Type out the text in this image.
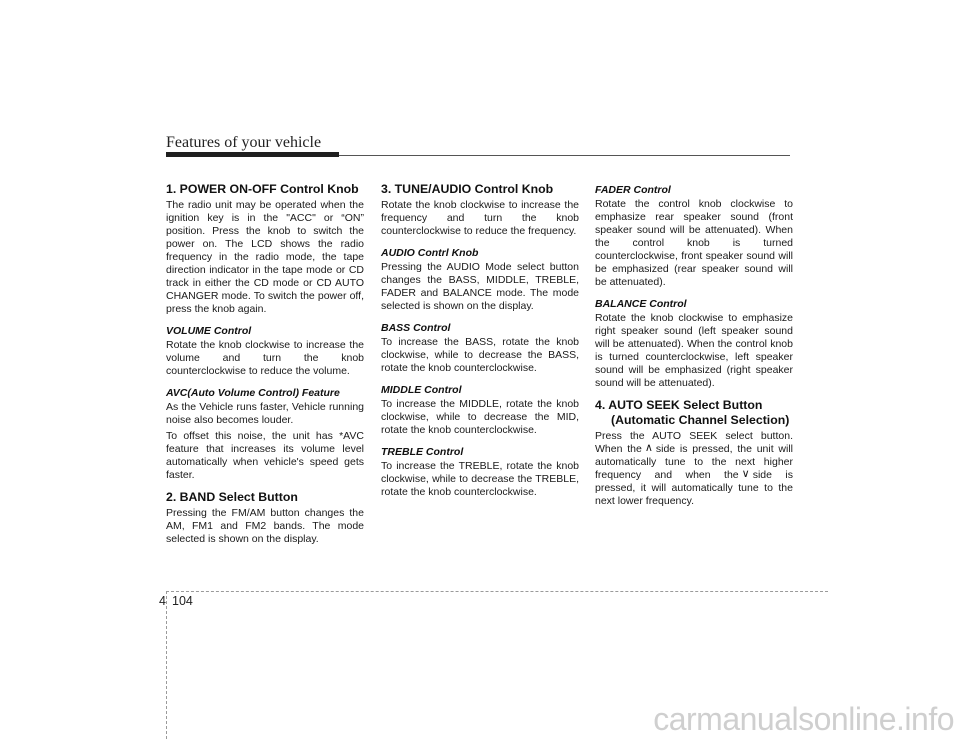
Features of your vehicle
1. POWER ON-OFF Control Knob

The radio unit may be operated when the ignition key is in the "ACC" or “ON” position. Press the knob to switch the power on. The LCD shows the radio frequency in the radio mode, the tape direction indicator in the tape mode or CD track in either the CD mode or CD AUTO CHANGER mode. To switch the power off, press the knob again.

VOLUME Control

Rotate the knob clockwise to increase the volume and turn the knob counterclockwise to reduce the volume.

AVC(Auto Volume Control) Feature

As the Vehicle runs faster, Vehicle running noise also becomes louder.

To offset this noise, the unit has *AVC feature that increases its volume level automatically when vehicle's speed gets faster.

2. BAND Select Button

Pressing the FM/AM button changes the AM, FM1 and FM2 bands. The mode selected is shown on the display.

3. TUNE/AUDIO Control Knob

Rotate the knob clockwise to increase the frequency and turn the knob counterclockwise to reduce the frequency.

AUDIO Contrl Knob

Pressing the AUDIO Mode select button changes the BASS, MIDDLE, TREBLE, FADER and BALANCE mode. The mode selected is shown on the display.

BASS Control

To increase the BASS, rotate the knob clockwise, while to decrease the BASS, rotate the knob counterclockwise.

MIDDLE Control

To increase the MIDDLE, rotate the knob clockwise, while to decrease the MID, rotate the knob counterclockwise.

TREBLE Control

To increase the TREBLE, rotate the knob clockwise, while to decrease the TREBLE, rotate the knob counterclockwise.

FADER Control

Rotate the control knob clockwise to emphasize rear speaker sound (front speaker sound will be attenuated). When the control knob is turned counterclockwise, front speaker sound will be emphasized (rear speaker sound will be attenuated).

BALANCE Control

Rotate the knob clockwise to emphasize right speaker sound (left speaker sound will be attenuated). When the control knob is turned counterclockwise, left speaker sound will be emphasized (right speaker sound will be attenuated).

4. AUTO SEEK Select Button
(Automatic Channel Selection)

Press the AUTO SEEK select button. When the ∧ side is pressed, the unit will automatically tune to the next higher frequency and when the ∨ side is pressed, it will automatically tune to the next lower frequency.

4 104
carmanualsonline.info
